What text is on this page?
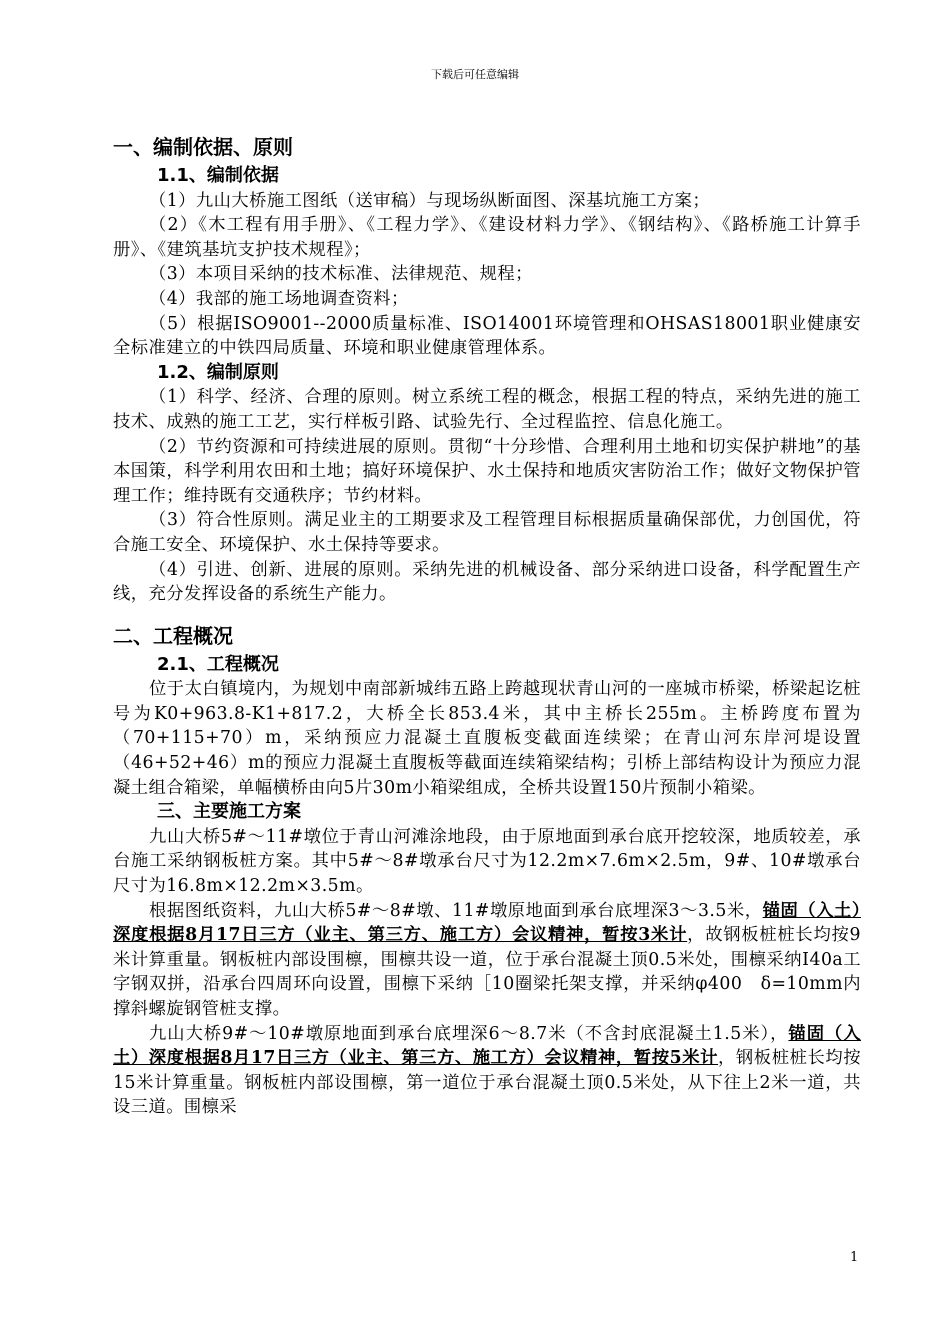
下载后可任意编辑
一、编制依据、原则
1.1、编制依据
（1）九山大桥施工图纸（送审稿）与现场纵断面图、深基坑施工方案；
（2）《木工程有用手册》、《工程力学》、《建设材料力学》、《钢结构》、《路桥施工计算手册》、《建筑基坑支护技术规程》；
（3）本项目采纳的技术标准、法律规范、规程；
（4）我部的施工场地调查资料；
（5）根据ISO9001--2000质量标准、ISO14001环境管理和OHSAS18001职业健康安全标准建立的中铁四局质量、环境和职业健康管理体系。
1.2、编制原则
（1）科学、经济、合理的原则。树立系统工程的概念，根据工程的特点，采纳先进的施工技术、成熟的施工工艺，实行样板引路、试验先行、全过程监控、信息化施工。
（2）节约资源和可持续进展的原则。贯彻“十分珍惜、合理利用土地和切实保护耕地”的基本国策，科学利用农田和土地；搞好环境保护、水土保持和地质灾害防治工作；做好文物保护管理工作；维持既有交通秩序；节约材料。
（3）符合性原则。满足业主的工期要求及工程管理目标根据质量确保部优，力创国优，符合施工安全、环境保护、水土保持等要求。
（4）引进、创新、进展的原则。采纳先进的机械设备、部分采纳进口设备，科学配置生产线，充分发挥设备的系统生产能力。
二、工程概况
2.1、工程概况
位于太白镇境内，为规划中南部新城纬五路上跨越现状青山河的一座城市桥梁，桥梁起讫桩号为K0+963.8-K1+817.2，大桥全长853.4米，其中主桥长255m。主桥跨度布置为（70+115+70）m，采纳预应力混凝土直腹板变截面连续梁；在青山河东岸河堤设置（46+52+46）m的预应力混凝土直腹板等截面连续箱梁结构；引桥上部结构设计为预应力混凝土组合箱梁，单幅横桥由向5片30m小箱梁组成，全桥共设置150片预制小箱梁。
三、主要施工方案
九山大桥5#～11#墩位于青山河滩涂地段，由于原地面到承台底开挖较深，地质较差，承台施工采纳钢板桩方案。其中5#～8#墩承台尺寸为12.2m×7.6m×2.5m，9#、10#墩承台尺寸为16.8m×12.2m×3.5m。
根据图纸资料，九山大桥5#～8#墩、11#墩原地面到承台底埋深3～3.5米，锚固（入土）深度根据8月17日三方（业主、第三方、施工方）会议精神，暂按3米计，故钢板桩桩长均按9米计算重量。钢板桩内部设围檩，围檩共设一道，位于承台混凝土顶0.5米处，围檩采纳Ⅰ40a工字钢双拼，沿承台四周环向设置，围檩下采纳［10圈梁托架支撑，并采纳φ400　δ=10mm内撑斜螺旋钢管桩支撑。
九山大桥9#～10#墩原地面到承台底埋深6～8.7米（不含封底混凝土1.5米），锚固（入土）深度根据8月17日三方（业主、第三方、施工方）会议精神，暂按5米计，钢板桩桩长均按15米计算重量。钢板桩内部设围檩，第一道位于承台混凝土顶0.5米处，从下往上2米一道，共设三道。围檩采
1
